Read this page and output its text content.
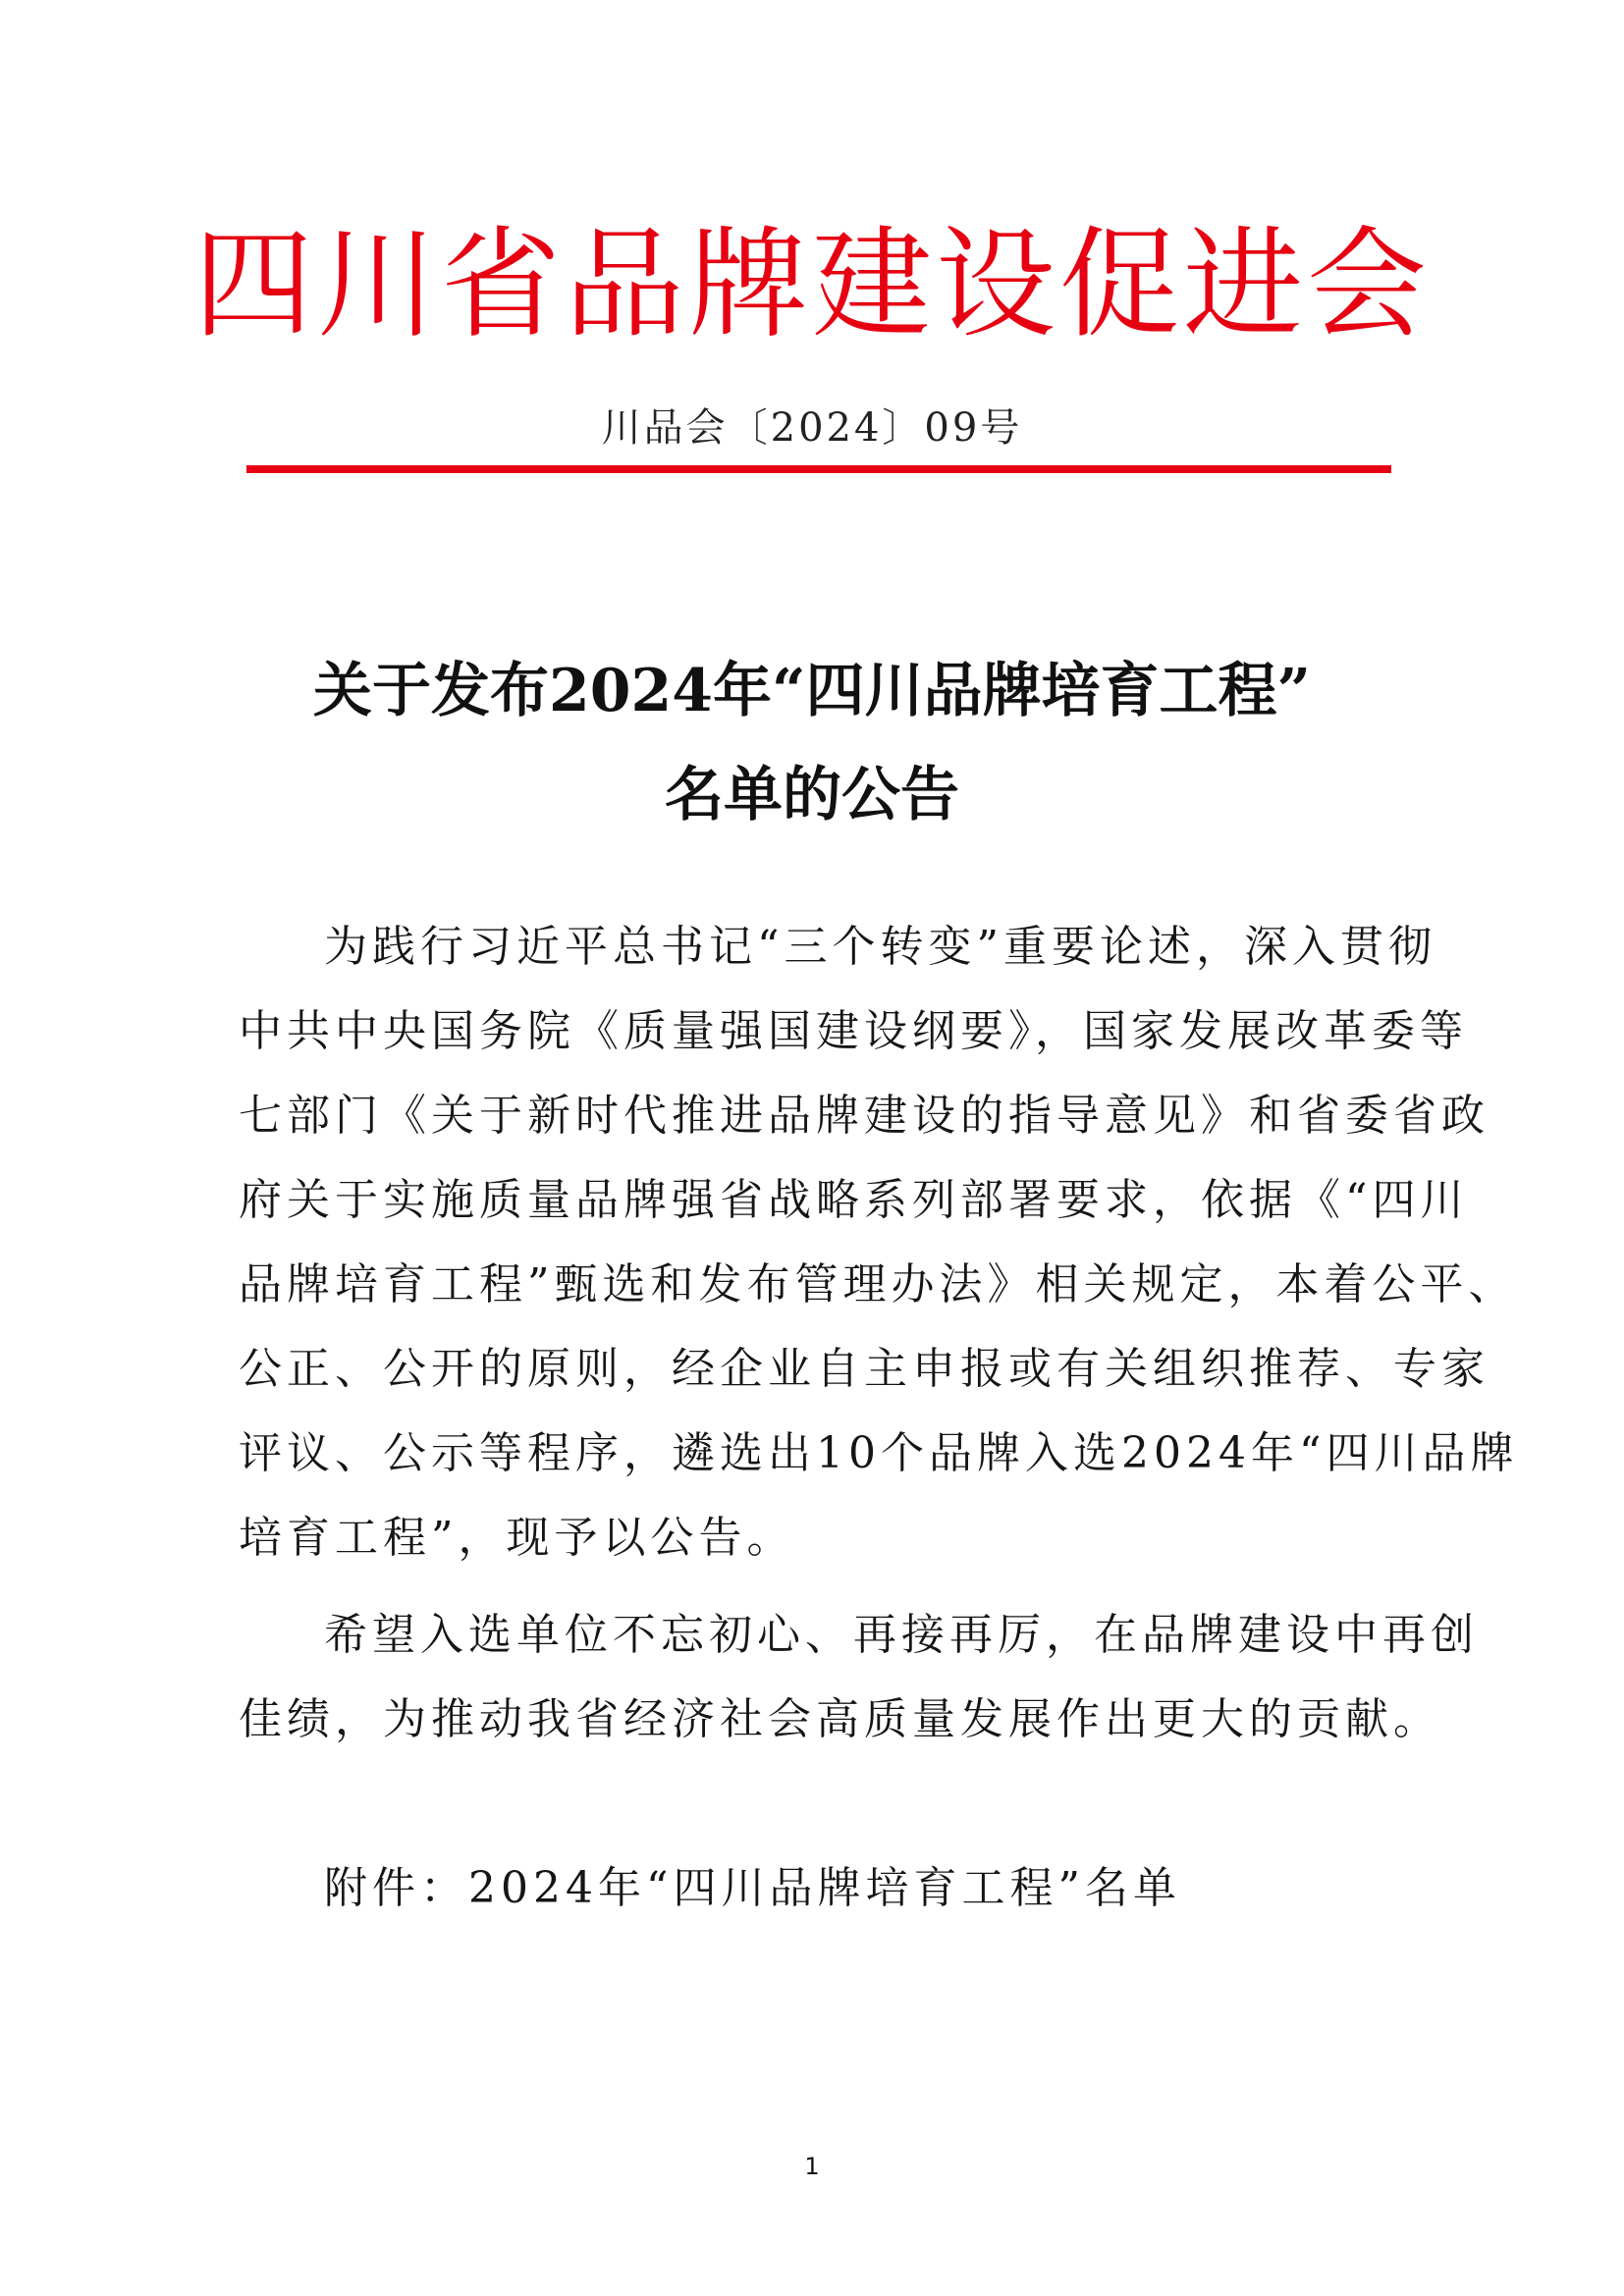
四川省品牌建设促进会
川品会〔2024〕09号
关于发布2024年“四川品牌培育工程”
名单的公告
为践行习近平总书记“三个转变”重要论述，深入贯彻
中共中央国务院《质量强国建设纲要》，国家发展改革委等
七部门《关于新时代推进品牌建设的指导意见》和省委省政
府关于实施质量品牌强省战略系列部署要求，依据《“四川
品牌培育工程”甄选和发布管理办法》相关规定，本着公平、
公正、公开的原则，经企业自主申报或有关组织推荐、专家
评议、公示等程序，遴选出10个品牌入选2024年“四川品牌
培育工程”，现予以公告。
希望入选单位不忘初心、再接再厉，在品牌建设中再创
佳绩，为推动我省经济社会高质量发展作出更大的贡献。
附件：2024年“四川品牌培育工程”名单
1
